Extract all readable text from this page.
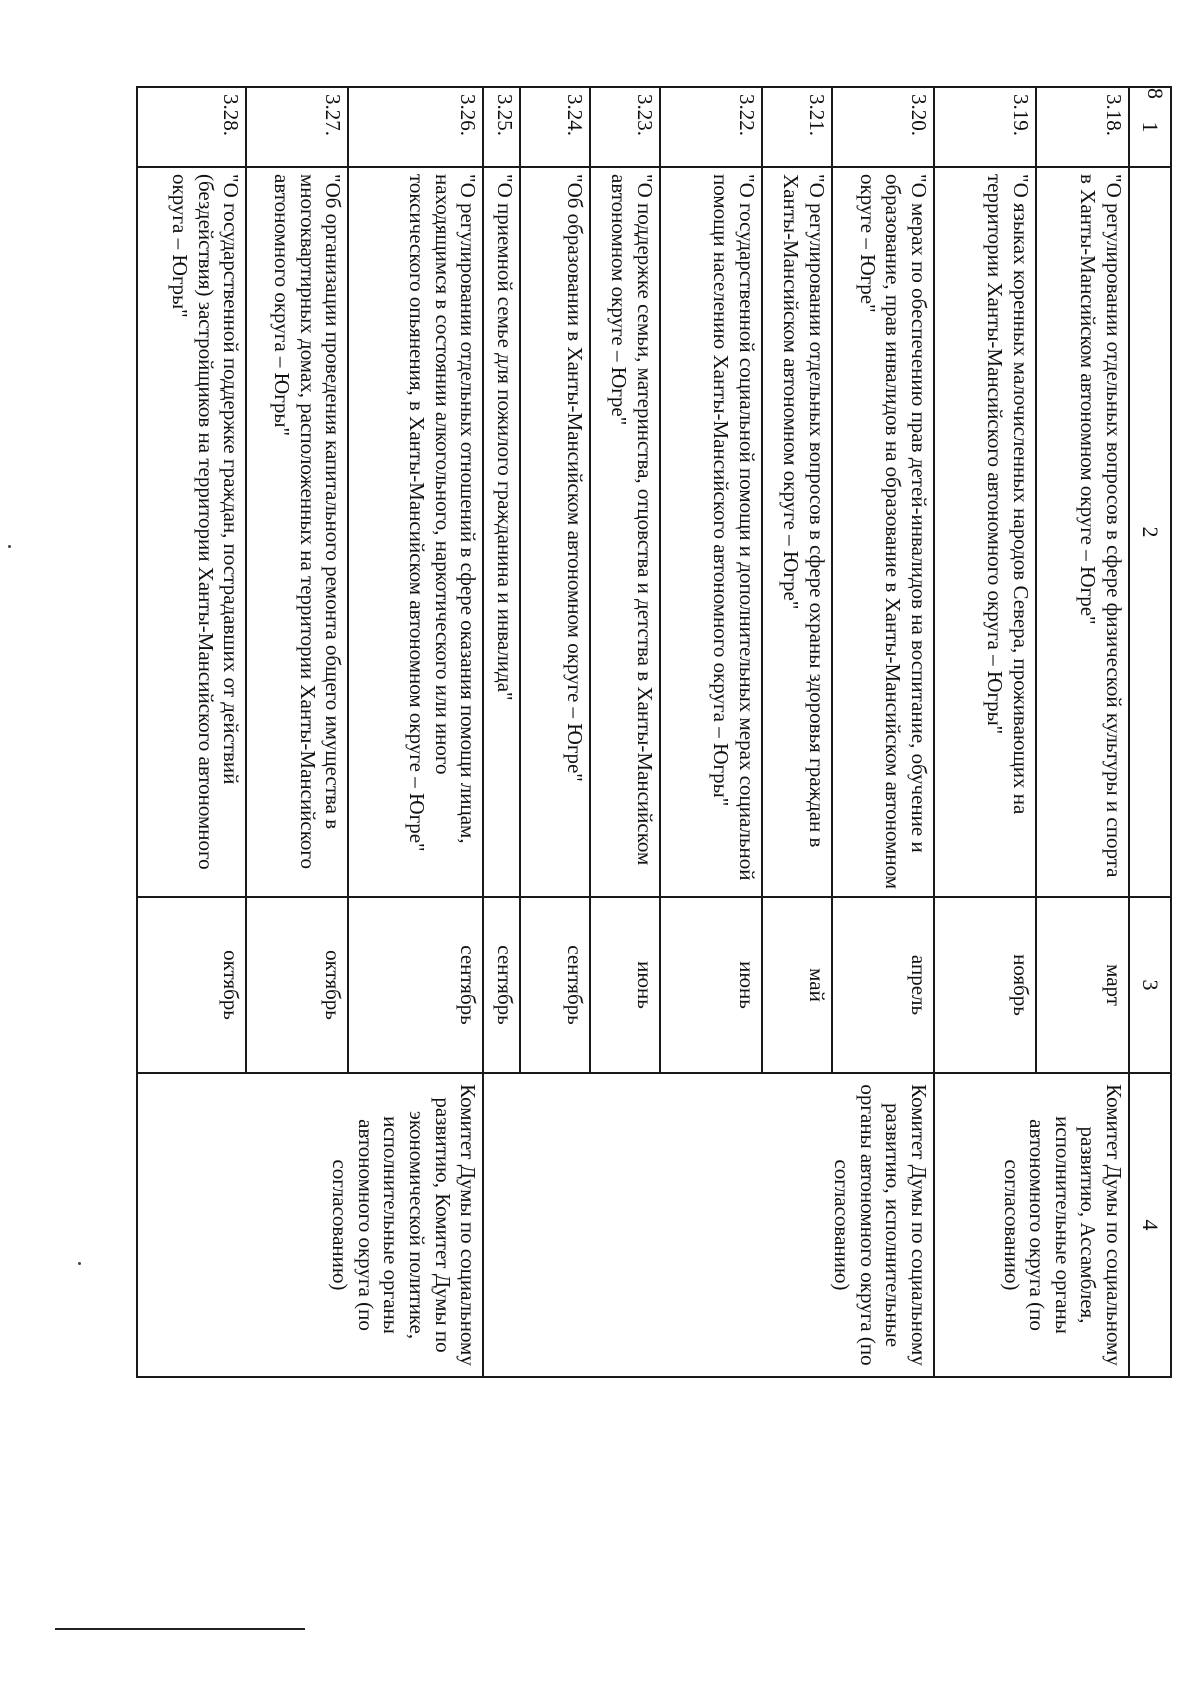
8
1	2	3	4
3.18.	"О регулировании отдельных вопросов в сфере физической культуры и спорта в Ханты-Мансийском автономном округе – Югре"	март	Комитет Думы по социальному развитию, Ассамблея, исполнительные органы автономного округа (по согласованию)
3.19.	"О языках коренных малочисленных народов Севера, проживающих на территории Ханты-Мансийского автономного округа – Югры"	ноябрь	
3.20.	"О мерах по обеспечению прав детей-инвалидов на воспитание, обучение и образование, прав инвалидов на образование в Ханты-Мансийском автономном округе – Югре"	апрель	Комитет Думы по социальному развитию, исполнительные органы автономного округа (по согласованию)
3.21.	"О регулировании отдельных вопросов в сфере охраны здоровья граждан в Ханты-Мансийском автономном округе – Югре"	май	
3.22.	"О государственной социальной помощи и дополнительных мерах социальной помощи населению Ханты-Мансийского автономного округа – Югры"	июнь	
3.23.	"О поддержке семьи, материнства, отцовства и детства в Ханты-Мансийском автономном округе – Югре"	июнь	
3.24.	"Об образовании в Ханты-Мансийском автономном округе – Югре"	сентябрь	
3.25.	"О приемной семье для пожилого гражданина и инвалида"	сентябрь	
3.26.	"О регулировании отдельных отношений в сфере оказания помощи лицам, находящимся в состоянии алкогольного, наркотического или иного токсического опьянения, в Ханты-Мансийском автономном округе – Югре"	сентябрь	Комитет Думы по социальному развитию, Комитет Думы по экономической политике, исполнительные органы автономного округа (по согласованию)
3.27.	"Об организации проведения капитального ремонта общего имущества в многоквартирных домах, расположенных на территории Ханты-Мансийского автономного округа – Югры"	октябрь	
3.28.	"О государственной поддержке граждан, пострадавших от действий (бездействия) застройщиков на территории Ханты-Мансийского автономного округа – Югры"	октябрь	
